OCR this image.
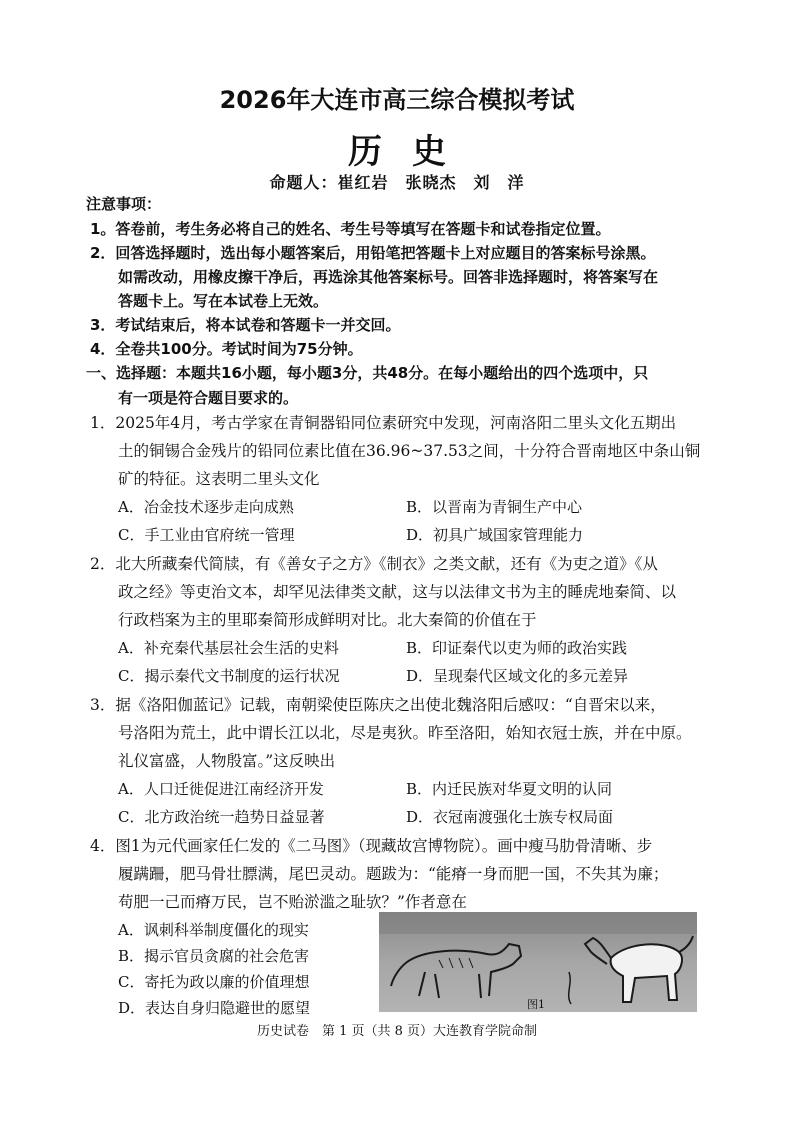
2026年大连市高三综合模拟考试
历史
命题人：崔红岩　张晓杰　刘　洋
注意事项：
1。答卷前，考生务必将自己的姓名、考生号等填写在答题卡和试卷指定位置。
2．回答选择题时，选出每小题答案后，用铅笔把答题卡上对应题目的答案标号涂黑。
如需改动，用橡皮擦干净后，再选涂其他答案标号。回答非选择题时，将答案写在
答题卡上。写在本试卷上无效。
3．考试结束后，将本试卷和答题卡一并交回。
4．全卷共100分。考试时间为75分钟。
一、选择题：本题共16小题，每小题3分，共48分。在每小题给出的四个选项中，只
有一项是符合题目要求的。
1．2025年4月，考古学家在青铜器铅同位素研究中发现，河南洛阳二里头文化五期出
土的铜锡合金残片的铅同位素比值在36.96~37.53之间，十分符合晋南地区中条山铜
矿的特征。这表明二里头文化
A．冶金技术逐步走向成熟	B．以晋南为青铜生产中心
C．手工业由官府统一管理	D．初具广域国家管理能力
2．北大所藏秦代简牍，有《善女子之方》《制衣》之类文献，还有《为吏之道》《从
政之经》等吏治文本，却罕见法律类文献，这与以法律文书为主的睡虎地秦简、以
行政档案为主的里耶秦简形成鲜明对比。北大秦简的价值在于
A．补充秦代基层社会生活的史料	B．印证秦代以吏为师的政治实践
C．揭示秦代文书制度的运行状况	D．呈现秦代区域文化的多元差异
3．据《洛阳伽蓝记》记载，南朝梁使臣陈庆之出使北魏洛阳后感叹：“自晋宋以来，
号洛阳为荒土，此中谓长江以北，尽是夷狄。昨至洛阳，始知衣冠士族，并在中原。
礼仪富盛，人物殷富。”这反映出
A．人口迁徙促进江南经济开发	B．内迁民族对华夏文明的认同
C．北方政治统一趋势日益显著	D．衣冠南渡强化士族专权局面
4．图1为元代画家任仁发的《二马图》（现藏故宫博物院）。画中瘦马肋骨清晰、步
履蹒跚，肥马骨壮膘满，尾巴灵动。题跋为：“能瘠一身而肥一国，不失其为廉；
苟肥一己而瘠万民，岂不贻淤滥之耻欤？”作者意在
A．讽刺科举制度僵化的现实
B．揭示官员贪腐的社会危害
C．寄托为政以廉的价值理想
D．表达自身归隐避世的愿望	图1
历史试卷　第 1 页（共 8 页）大连教育学院命制
